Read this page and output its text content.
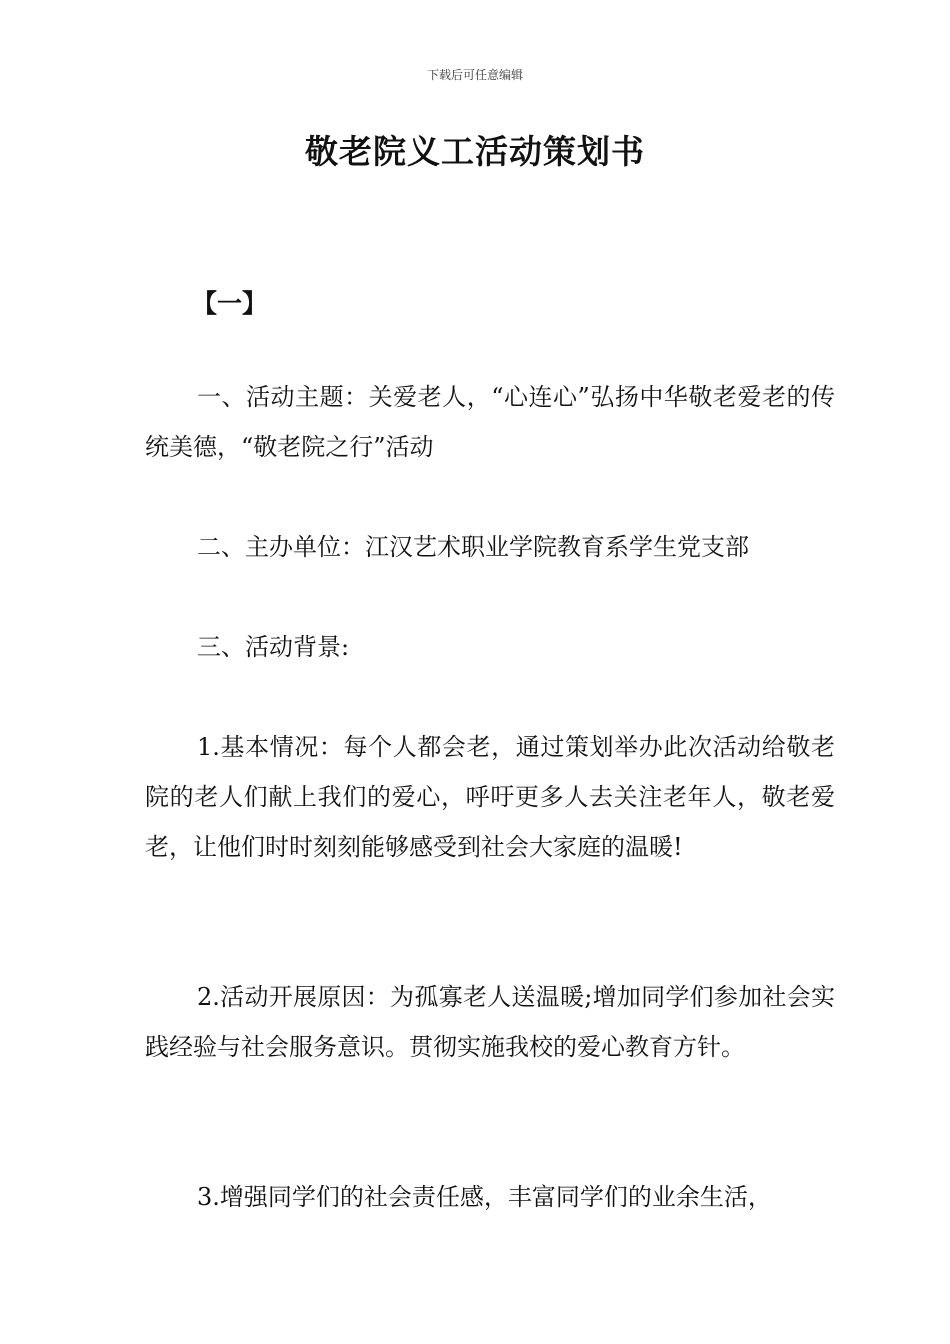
下载后可任意编辑
敬老院义工活动策划书
【一】

一、活动主题：关爱老人，“心连心”弘扬中华敬老爱老的传统美德，“敬老院之行”活动

二、主办单位：江汉艺术职业学院教育系学生党支部

三、活动背景:

1.基本情况：每个人都会老，通过策划举办此次活动给敬老院的老人们献上我们的爱心，呼吁更多人去关注老年人，敬老爱老，让他们时时刻刻能够感受到社会大家庭的温暖!

2.活动开展原因：为孤寡老人送温暖;增加同学们参加社会实践经验与社会服务意识。贯彻实施我校的爱心教育方针。

3.增强同学们的社会责任感，丰富同学们的业余生活，
